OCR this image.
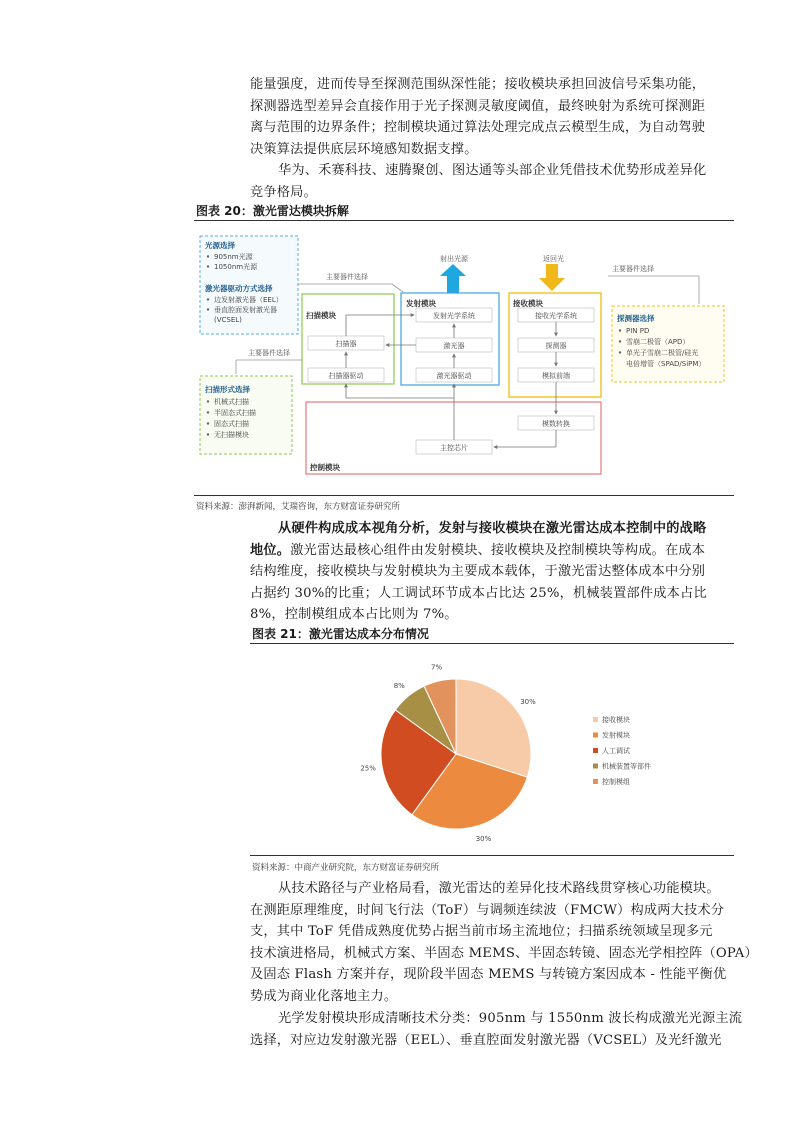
能量强度，进而传导至探测范围纵深性能；接收模块承担回波信号采集功能，
探测器选型差异会直接作用于光子探测灵敏度阈值，最终映射为系统可探测距
离与范围的边界条件；控制模块通过算法处理完成点云模型生成，为自动驾驶
决策算法提供底层环境感知数据支撑。
华为、禾赛科技、速腾聚创、图达通等头部企业凭借技术优势形成差异化
竞争格局。
图表 20：激光雷达模块拆解
光源选择
905nm光源
1050nm光源
激光器驱动方式选择
边发射激光器（EEL）
垂直腔面发射激光器
(VCSEL)
主要器件选择
射出光源	返回光
扫描模块
扫描器
扫描器驱动
发射模块
发射光学系统
激光器
激光器驱动
接收模块
接收光学系统
探测器
模拟前端
模数转换
主控芯片
控制模块
主要器件选择
扫描形式选择
机械式扫描
半固态式扫描
固态式扫描
无扫描模块
主要器件选择
探测器选择
PIN PD
雪崩二极管（APD）
单光子雪崩二极管/硅光
电倍增管（SPAD/SiPM）
资料来源：澎湃新闻，艾瑞咨询，东方财富证券研究所
从硬件构成成本视角分析，发射与接收模块在激光雷达成本控制中的战略
地位。激光雷达最核心组件由发射模块、接收模块及控制模块等构成。在成本
结构维度，接收模块与发射模块为主要成本载体，于激光雷达整体成本中分别
占据约 30%的比重；人工调试环节成本占比达 25%，机械装置部件成本占比
8%，控制模组成本占比则为 7%。
图表 21：激光雷达成本分布情况
30%
30%
25%
8%
7%
接收模块
发射模块
人工调试
机械装置等部件
控制模组
资料来源：中商产业研究院，东方财富证券研究所
从技术路径与产业格局看，激光雷达的差异化技术路线贯穿核心功能模块。
在测距原理维度，时间飞行法（ToF）与调频连续波（FMCW）构成两大技术分
支，其中 ToF 凭借成熟度优势占据当前市场主流地位；扫描系统领域呈现多元
技术演进格局，机械式方案、半固态 MEMS、半固态转镜、固态光学相控阵（OPA）
及固态 Flash 方案并存，现阶段半固态 MEMS 与转镜方案因成本 - 性能平衡优
势成为商业化落地主力。
光学发射模块形成清晰技术分类：905nm 与 1550nm 波长构成激光光源主流
选择，对应边发射激光器（EEL）、垂直腔面发射激光器（VCSEL）及光纤激光
